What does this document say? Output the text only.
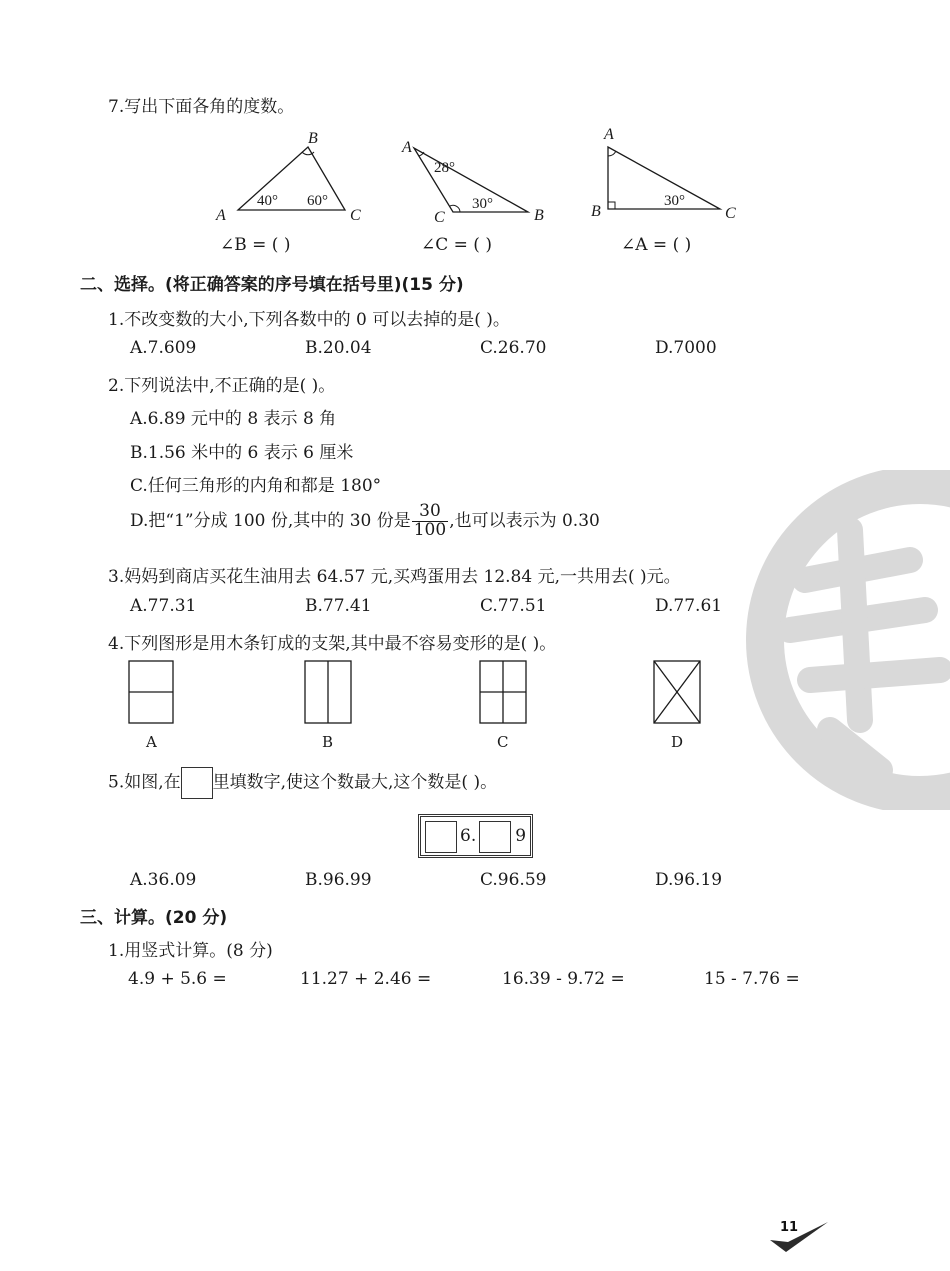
7.写出下面各角的度数。
B
A	C
40° 60°
A
C	B
28°
30°
A
B	C
30°
∠B = ( )	∠C = ( )	∠A = ( )
二、选择。(将正确答案的序号填在括号里)(15 分)
1.不改变数的大小,下列各数中的 0 可以去掉的是( )。
A.7.609	B.20.04	C.26.70	D.7000
2.下列说法中,不正确的是( )。
A.6.89 元中的 8 表示 8 角
B.1.56 米中的 6 表示 6 厘米
C.任何三角形的内角和都是 180°
D.把“1”分成 100 份,其中的 30 份是 $\frac{30}{100}$ ,也可以表示为 0.30
3.妈妈到商店买花生油用去 64.57 元,买鸡蛋用去 12.84 元,一共用去( )元。
A.77.31	B.77.41	C.77.51	D.77.61
4.下列图形是用木条钉成的支架,其中最不容易变形的是( )。
A	B	C	D
5.如图,在 里填数字,使这个数最大,这个数是( )。
6. 9
A.36.09	B.96.99	C.96.59	D.96.19
三、计算。(20 分)
1.用竖式计算。(8 分)
4.9 + 5.6 =	11.27 + 2.46 =	16.39 - 9.72 =	15 - 7.76 =
11
